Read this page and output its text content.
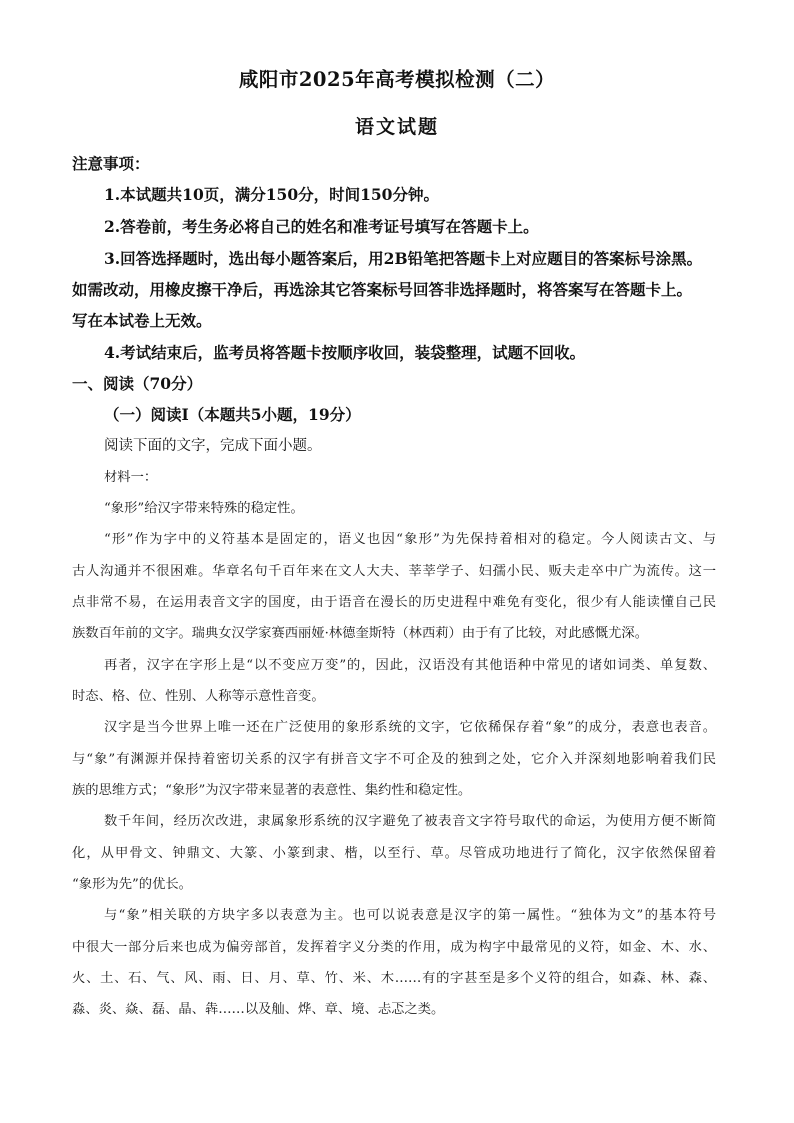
咸阳市2025年高考模拟检测（二）
语文试题
注意事项：
1.本试题共10页，满分150分，时间150分钟。
2.答卷前，考生务必将自己的姓名和准考证号填写在答题卡上。
3.回答选择题时，选出每小题答案后，用2B铅笔把答题卡上对应题目的答案标号涂黑。
如需改动，用橡皮擦干净后，再选涂其它答案标号回答非选择题时，将答案写在答题卡上。
写在本试卷上无效。
4.考试结束后，监考员将答题卡按顺序收回，装袋整理，试题不回收。
一、阅读（70分）
（一）阅读Ⅰ（本题共5小题，19分）
阅读下面的文字，完成下面小题。
材料一：
“象形”给汉字带来特殊的稳定性。
“形”作为字中的义符基本是固定的，语义也因“象形”为先保持着相对的稳定。今人阅读古文、与
古人沟通并不很困难。华章名句千百年来在文人大夫、莘莘学子、妇孺小民、贩夫走卒中广为流传。这一
点非常不易，在运用表音文字的国度，由于语音在漫长的历史进程中难免有变化，很少有人能读懂自己民
族数百年前的文字。瑞典女汉学家赛西丽娅·林德奎斯特（林西莉）由于有了比较，对此感慨尤深。
再者，汉字在字形上是“以不变应万变”的，因此，汉语没有其他语种中常见的诸如词类、单复数、
时态、格、位、性别、人称等示意性音变。
汉字是当今世界上唯一还在广泛使用的象形系统的文字，它依稀保存着“象”的成分，表意也表音。
与“象”有渊源并保持着密切关系的汉字有拼音文字不可企及的独到之处，它介入并深刻地影响着我们民
族的思维方式；“象形”为汉字带来显著的表意性、集约性和稳定性。
数千年间，经历次改进，隶属象形系统的汉字避免了被表音文字符号取代的命运，为使用方便不断简
化，从甲骨文、钟鼎文、大篆、小篆到隶、楷，以至行、草。尽管成功地进行了简化，汉字依然保留着
“象形为先”的优长。
与“象”相关联的方块字多以表意为主。也可以说表意是汉字的第一属性。“独体为文”的基本符号
中很大一部分后来也成为偏旁部首，发挥着字义分类的作用，成为构字中最常见的义符，如金、木、水、
火、土、石、气、风、雨、日、月、草、竹、米、木……有的字甚至是多个义符的组合，如森、林、森、
淼、炎、焱、磊、晶、犇……以及舢、烨、章、境、忐忑之类。
